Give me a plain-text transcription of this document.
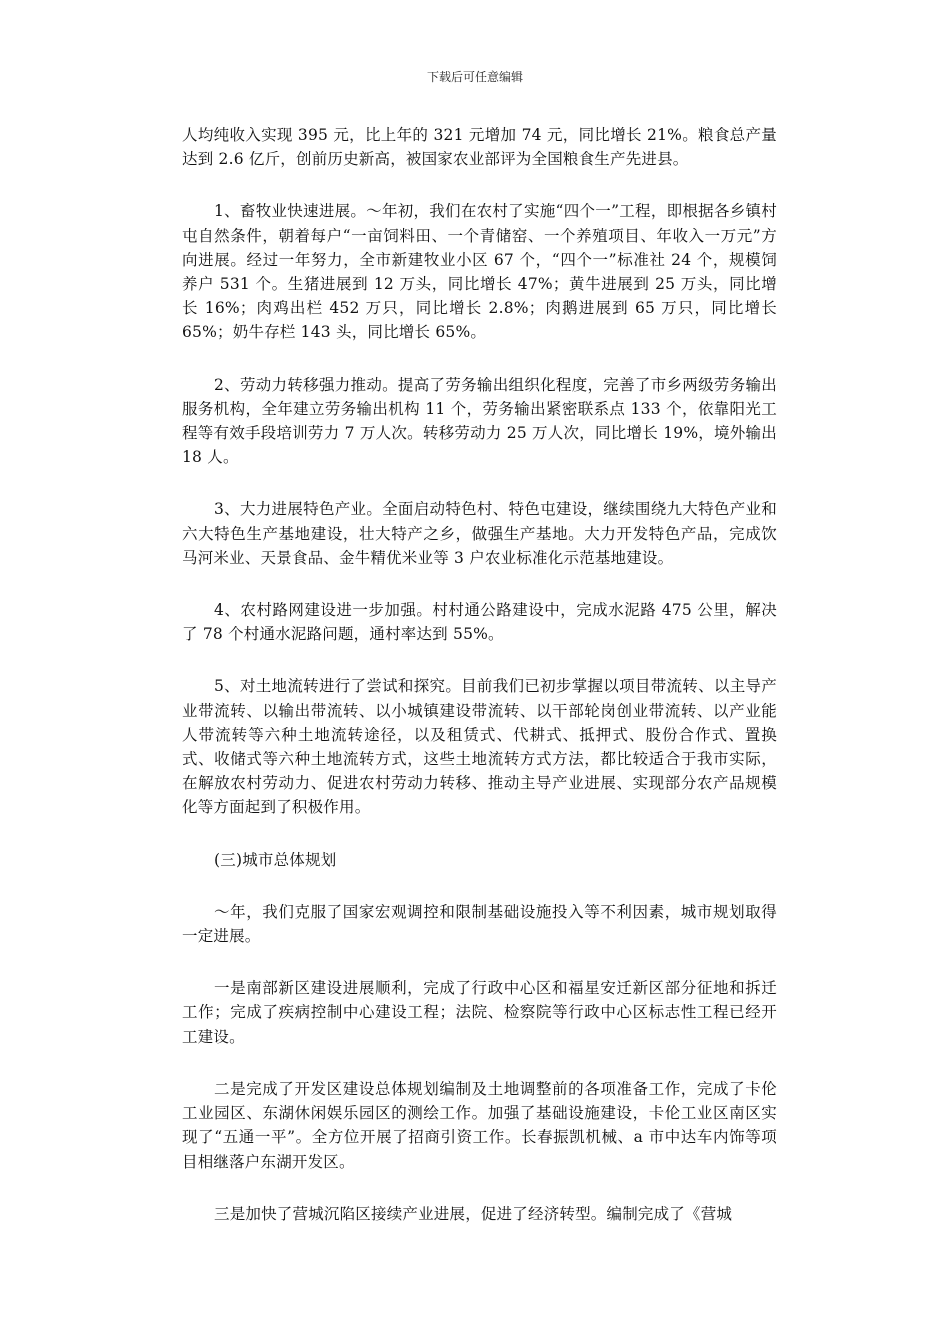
下载后可任意编辑

人均纯收入实现 395 元，比上年的 321 元增加 74 元，同比增长 21%。粮食总产量达到 2.6 亿斤，创前历史新高，被国家农业部评为全国粮食生产先进县。

1、畜牧业快速进展。～年初，我们在农村了实施“四个一”工程，即根据各乡镇村屯自然条件，朝着每户“一亩饲料田、一个青储窑、一个养殖项目、年收入一万元”方向进展。经过一年努力，全市新建牧业小区 67 个，“四个一”标准社 24 个，规模饲养户 531 个。生猪进展到 12 万头，同比增长 47%；黄牛进展到 25 万头，同比增长 16%；肉鸡出栏 452 万只，同比增长 2.8%；肉鹅进展到 65 万只，同比增长 65%；奶牛存栏 143 头，同比增长 65%。

2、劳动力转移强力推动。提高了劳务输出组织化程度，完善了市乡两级劳务输出服务机构，全年建立劳务输出机构 11 个，劳务输出紧密联系点 133 个，依靠阳光工程等有效手段培训劳力 7 万人次。转移劳动力 25 万人次，同比增长 19%，境外输出 18 人。

3、大力进展特色产业。全面启动特色村、特色屯建设，继续围绕九大特色产业和六大特色生产基地建设，壮大特产之乡，做强生产基地。大力开发特色产品，完成饮马河米业、天景食品、金牛精优米业等 3 户农业标准化示范基地建设。

4、农村路网建设进一步加强。村村通公路建设中，完成水泥路 475 公里，解决了 78 个村通水泥路问题，通村率达到 55%。

5、对土地流转进行了尝试和探究。目前我们已初步掌握以项目带流转、以主导产业带流转、以输出带流转、以小城镇建设带流转、以干部轮岗创业带流转、以产业能人带流转等六种土地流转途径，以及租赁式、代耕式、抵押式、股份合作式、置换式、收储式等六种土地流转方式，这些土地流转方式方法，都比较适合于我市实际，在解放农村劳动力、促进农村劳动力转移、推动主导产业进展、实现部分农产品规模化等方面起到了积极作用。

(三)城市总体规划

～年，我们克服了国家宏观调控和限制基础设施投入等不利因素，城市规划取得一定进展。

一是南部新区建设进展顺利，完成了行政中心区和福星安迁新区部分征地和拆迁工作；完成了疾病控制中心建设工程；法院、检察院等行政中心区标志性工程已经开工建设。

二是完成了开发区建设总体规划编制及土地调整前的各项准备工作，完成了卡伦工业园区、东湖休闲娱乐园区的测绘工作。加强了基础设施建设，卡伦工业区南区实现了“五通一平”。全方位开展了招商引资工作。长春振凯机械、a 市中达车内饰等项目相继落户东湖开发区。

三是加快了营城沉陷区接续产业进展，促进了经济转型。编制完成了《营城
